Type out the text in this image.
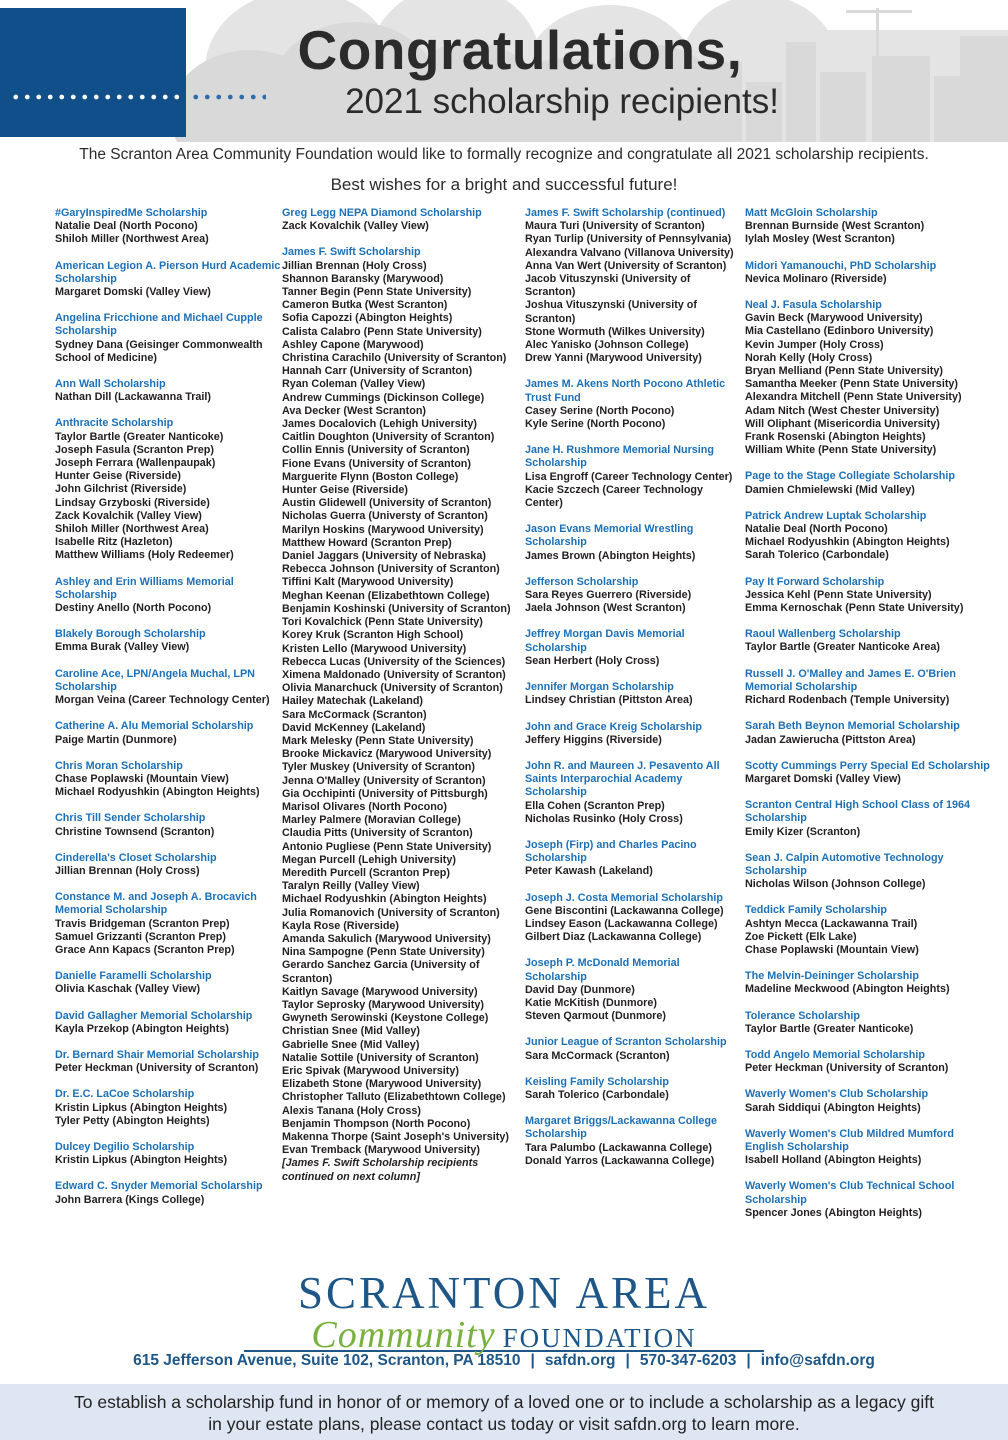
Congratulations,
2021 scholarship recipients!

The Scranton Area Community Foundation would like to formally recognize and congratulate all 2021 scholarship recipients.

Best wishes for a bright and successful future!

#GaryInspiredMe Scholarship
Natalie Deal (North Pocono)
Shiloh Miller (Northwest Area)
American Legion A. Pierson Hurd Academic Scholarship
Margaret Domski (Valley View)
Angelina Fricchione and Michael Cupple Scholarship
Sydney Dana (Geisinger Commonwealth School of Medicine)
Ann Wall Scholarship
Nathan Dill (Lackawanna Trail)
Anthracite Scholarship
Taylor Bartle (Greater Nanticoke)
Joseph Fasula (Scranton Prep)
Joseph Ferrara (Wallenpaupak)
Hunter Geise (Riverside)
John Gilchrist (Riverside)
Lindsay Grzyboski (Riverside)
Zack Kovalchik (Valley View)
Shiloh Miller (Northwest Area)
Isabelle Ritz (Hazleton)
Matthew Williams (Holy Redeemer)
Ashley and Erin Williams Memorial Scholarship
Destiny Anello (North Pocono)
Blakely Borough Scholarship
Emma Burak (Valley View)
Caroline Ace, LPN/Angela Muchal, LPN Scholarship
Morgan Veina (Career Technology Center)
Catherine A. Alu Memorial Scholarship
Paige Martin (Dunmore)
Chris Moran Scholarship
Chase Poplawski (Mountain View)
Michael Rodyushkin (Abington Heights)
Chris Till Sender Scholarship
Christine Townsend (Scranton)
Cinderella's Closet Scholarship
Jillian Brennan (Holy Cross)
Constance M. and Joseph A. Brocavich Memorial Scholarship
Travis Bridgeman (Scranton Prep)
Samuel Grizzanti (Scranton Prep)
Grace Ann Kapacs (Scranton Prep)
Danielle Faramelli Scholarship
Olivia Kaschak (Valley View)
David Gallagher Memorial Scholarship
Kayla Przekop (Abington Heights)
Dr. Bernard Shair Memorial Scholarship
Peter Heckman (University of Scranton)
Dr. E.C. LaCoe Scholarship
Kristin Lipkus (Abington Heights)
Tyler Petty (Abington Heights)
Dulcey Degilio Scholarship
Kristin Lipkus (Abington Heights)
Edward C. Snyder Memorial Scholarship
John Barrera (Kings College)
Greg Legg NEPA Diamond Scholarship
Zack Kovalchik (Valley View)
James F. Swift Scholarship
Jillian Brennan (Holy Cross)
Shannon Baransky (Marywood)
Tanner Begin (Penn State University)
Cameron Butka (West Scranton)
Sofia Capozzi (Abington Heights)
Calista Calabro (Penn State University)
Ashley Capone (Marywood)
Christina Carachilo (University of Scranton)
Hannah Carr (University of Scranton)
Ryan Coleman (Valley View)
Andrew Cummings (Dickinson College)
Ava Decker (West Scranton)
James Docalovich (Lehigh University)
Caitlin Doughton (University of Scranton)
Collin Ennis (University of Scranton)
Fione Evans (University of Scranton)
Marguerite Flynn (Boston College)
Hunter Geise (Riverside)
Austin Glidewell (University of Scranton)
Nicholas Guerra (Universty of Scranton)
Marilyn Hoskins (Marywood University)
Matthew Howard (Scranton Prep)
Daniel Jaggars (University of Nebraska)
Rebecca Johnson (University of Scranton)
Tiffini Kalt (Marywood University)
Meghan Keenan (Elizabethtown College)
Benjamin Koshinski (University of Scranton)
Tori Kovalchick (Penn State University)
Korey Kruk (Scranton High School)
Kristen Lello (Marywood University)
Rebecca Lucas (University of the Sciences)
Ximena Maldonado (University of Scranton)
Olivia Manarchuck (University of Scranton)
Hailey Matechak (Lakeland)
Sara McCormack (Scranton)
David McKenney (Lakeland)
Mark Melesky (Penn State University)
Brooke Mickavicz (Marywood University)
Tyler Muskey (University of Scranton)
Jenna O'Malley (University of Scranton)
Gia Occhipinti (University of Pittsburgh)
Marisol Olivares (North Pocono)
Marley Palmere (Moravian College)
Claudia Pitts (University of Scranton)
Antonio Pugliese (Penn State University)
Megan Purcell (Lehigh University)
Meredith Purcell (Scranton Prep)
Taralyn Reilly (Valley View)
Michael Rodyushkin (Abington Heights)
Julia Romanovich (University of Scranton)
Kayla Rose (Riverside)
Amanda Sakulich (Marywood University)
Nina Sampogne (Penn State University)
Gerardo Sanchez Garcia (University of Scranton)
Kaitlyn Savage (Marywood University)
Taylor Seprosky (Marywood University)
Gwyneth Serowinski (Keystone College)
Christian Snee (Mid Valley)
Gabrielle Snee (Mid Valley)
Natalie Sottile (University of Scranton)
Eric Spivak (Marywood University)
Elizabeth Stone (Marywood University)
Christopher Talluto (Elizabethtown College)
Alexis Tanana (Holy Cross)
Benjamin Thompson (North Pocono)
Makenna Thorpe (Saint Joseph's University)
Evan Tremback (Marywood University)
[James F. Swift Scholarship recipients continued on next column]
James F. Swift Scholarship (continued)
Maura Turi (University of Scranton)
Ryan Turlip (University of Pennsylvania)
Alexandra Valvano (Villanova University)
Anna Van Wert (University of Scranton)
Jacob Vituszynski (University of Scranton)
Joshua Vituszynski (University of Scranton)
Stone Wormuth (Wilkes University)
Alec Yanisko (Johnson College)
Drew Yanni (Marywood University)
James M. Akens North Pocono Athletic Trust Fund
Casey Serine (North Pocono)
Kyle Serine (North Pocono)
Jane H. Rushmore Memorial Nursing Scholarship
Lisa Engroff (Career Technology Center)
Kacie Szczech (Career Technology Center)
Jason Evans Memorial Wrestling Scholarship
James Brown (Abington Heights)
Jefferson Scholarship
Sara Reyes Guerrero (Riverside)
Jaela Johnson (West Scranton)
Jeffrey Morgan Davis Memorial Scholarship
Sean Herbert (Holy Cross)
Jennifer Morgan Scholarship
Lindsey Christian (Pittston Area)
John and Grace Kreig Scholarship
Jeffery Higgins (Riverside)
John R. and Maureen J. Pesavento All Saints Interparochial Academy Scholarship
Ella Cohen (Scranton Prep)
Nicholas Rusinko (Holy Cross)
Joseph (Firp) and Charles Pacino Scholarship
Peter Kawash (Lakeland)
Joseph J. Costa Memorial Scholarship
Gene Biscontini (Lackawanna College)
Lindsey Eason (Lackawanna College)
Gilbert Diaz (Lackawanna College)
Joseph P. McDonald Memorial Scholarship
David Day (Dunmore)
Katie McKitish (Dunmore)
Steven Qarmout (Dunmore)
Junior League of Scranton Scholarship
Sara McCormack (Scranton)
Keisling Family Scholarship
Sarah Tolerico (Carbondale)
Margaret Briggs/Lackawanna College Scholarship
Tara Palumbo (Lackawanna College)
Donald Yarros (Lackawanna College)
Matt McGloin Scholarship
Brennan Burnside (West Scranton)
Iylah Mosley (West Scranton)
Midori Yamanouchi, PhD Scholarship
Nevica Molinaro (Riverside)
Neal J. Fasula Scholarship
Gavin Beck (Marywood University)
Mia Castellano (Edinboro University)
Kevin Jumper (Holy Cross)
Norah Kelly (Holy Cross)
Bryan Melliand (Penn State University)
Samantha Meeker (Penn State University)
Alexandra Mitchell (Penn State University)
Adam Nitch (West Chester University)
Will Oliphant (Misericordia University)
Frank Rosenski (Abington Heights)
William White (Penn State University)
Page to the Stage Collegiate Scholarship
Damien Chmielewski (Mid Valley)
Patrick Andrew Luptak Scholarship
Natalie Deal (North Pocono)
Michael Rodyushkin (Abington Heights)
Sarah Tolerico (Carbondale)
Pay It Forward Scholarship
Jessica Kehl (Penn State University)
Emma Kernoschak (Penn State University)
Raoul Wallenberg Scholarship
Taylor Bartle (Greater Nanticoke Area)
Russell J. O'Malley and James E. O'Brien Memorial Scholarship
Richard Rodenbach (Temple University)
Sarah Beth Beynon Memorial Scholarship
Jadan Zawierucha (Pittston Area)
Scotty Cummings Perry Special Ed Scholarship
Margaret Domski (Valley View)
Scranton Central High School Class of 1964 Scholarship
Emily Kizer (Scranton)
Sean J. Calpin Automotive Technology Scholarship
Nicholas Wilson (Johnson College)
Teddick Family Scholarship
Ashtyn Mecca (Lackawanna Trail)
Zoe Pickett (Elk Lake)
Chase Poplawski (Mountain View)
The Melvin-Deininger Scholarship
Madeline Meckwood (Abington Heights)
Tolerance Scholarship
Taylor Bartle (Greater Nanticoke)
Todd Angelo Memorial Scholarship
Peter Heckman (University of Scranton)
Waverly Women's Club Scholarship
Sarah Siddiqui (Abington Heights)
Waverly Women's Club Mildred Mumford English Scholarship
Isabell Holland (Abington Heights)
Waverly Women's Club Technical School Scholarship
Spencer Jones (Abington Heights)
SCRANTON AREA
Community FOUNDATION
615 Jefferson Avenue, Suite 102, Scranton, PA 18510 | safdn.org | 570-347-6203 | info@safdn.org
To establish a scholarship fund in honor of or memory of a loved one or to include a scholarship as a legacy gift
in your estate plans, please contact us today or visit safdn.org to learn more.
